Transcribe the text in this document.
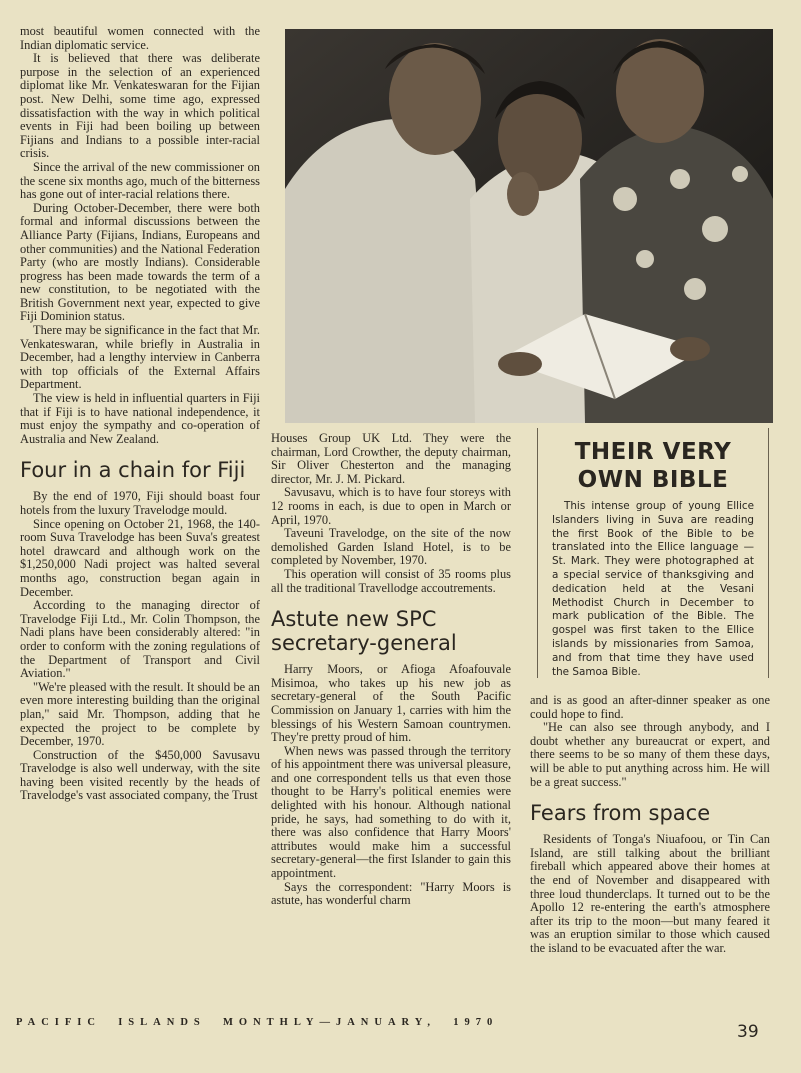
most beautiful women connected with the Indian diplomatic service.

It is believed that there was deliberate purpose in the selection of an experienced diplomat like Mr. Venkateswaran for the Fijian post. New Delhi, some time ago, expressed dissatisfaction with the way in which political events in Fiji had been boiling up between Fijians and Indians to a possible inter-racial crisis.

Since the arrival of the new commissioner on the scene six months ago, much of the bitterness has gone out of inter-racial relations there.

During October-December, there were both formal and informal discussions between the Alliance Party (Fijians, Indians, Europeans and other communities) and the National Federation Party (who are mostly Indians). Considerable progress has been made towards the term of a new constitution, to be negotiated with the British Government next year, expected to give Fiji Dominion status.

There may be significance in the fact that Mr. Venkateswaran, while briefly in Australia in December, had a lengthy interview in Canberra with top officials of the External Affairs Department.

The view is held in influential quarters in Fiji that if Fiji is to have national independence, it must enjoy the sympathy and co-operation of Australia and New Zealand.

Four in a chain for Fiji

By the end of 1970, Fiji should boast four hotels from the luxury Travelodge mould.

Since opening on October 21, 1968, the 140-room Suva Travelodge has been Suva's greatest hotel drawcard and although work on the $1,250,000 Nadi project was halted several months ago, construction began again in December.

According to the managing director of Travelodge Fiji Ltd., Mr. Colin Thompson, the Nadi plans have been considerably altered: "in order to conform with the zoning regulations of the Department of Transport and Civil Aviation."

"We're pleased with the result. It should be an even more interesting building than the original plan," said Mr. Thompson, adding that he expected the project to be complete by December, 1970.

Construction of the $450,000 Savusavu Travelodge is also well underway, with the site having been visited recently by the heads of Travelodge's vast associated company, the Trust

THEIR VERY OWN BIBLE

This intense group of young Ellice Islanders living in Suva are reading the first Book of the Bible to be translated into the Ellice language — St. Mark. They were photographed at a special service of thanksgiving and dedication held at the Vesani Methodist Church in December to mark publication of the Bible. The gospel was first taken to the Ellice islands by missionaries from Samoa, and from that time they have used the Samoa Bible.

Houses Group UK Ltd. They were the chairman, Lord Crowther, the deputy chairman, Sir Oliver Chesterton and the managing director, Mr. J. M. Pickard.

Savusavu, which is to have four storeys with 12 rooms in each, is due to open in March or April, 1970.

Taveuni Travelodge, on the site of the now demolished Garden Island Hotel, is to be completed by November, 1970.

This operation will consist of 35 rooms plus all the traditional Travellodge accoutrements.

Astute new SPC secretary-general

Harry Moors, or Afioga Afoafouvale Misimoa, who takes up his new job as secretary-general of the South Pacific Commission on January 1, carries with him the blessings of his Western Samoan countrymen. They're pretty proud of him.

When news was passed through the territory of his appointment there was universal pleasure, and one correspondent tells us that even those thought to be Harry's political enemies were delighted with his honour. Although national pride, he says, had something to do with it, there was also confidence that Harry Moors' attributes would make him a successful secretary-general—the first Islander to gain this appointment.

Says the correspondent: "Harry Moors is astute, has wonderful charm

and is as good an after-dinner speaker as one could hope to find.

"He can also see through anybody, and I doubt whether any bureaucrat or expert, and there seems to be so many of them these days, will be able to put anything across him. He will be a great success."

Fears from space

Residents of Tonga's Niuafoou, or Tin Can Island, are still talking about the brilliant fireball which appeared above their homes at the end of November and disappeared with three loud thunderclaps. It turned out to be the Apollo 12 re-entering the earth's atmosphere after its trip to the moon—but many feared it was an eruption similar to those which caused the island to be evacuated after the war.

PACIFIC  ISLANDS  MONTHLY—JANUARY,  1970	39
